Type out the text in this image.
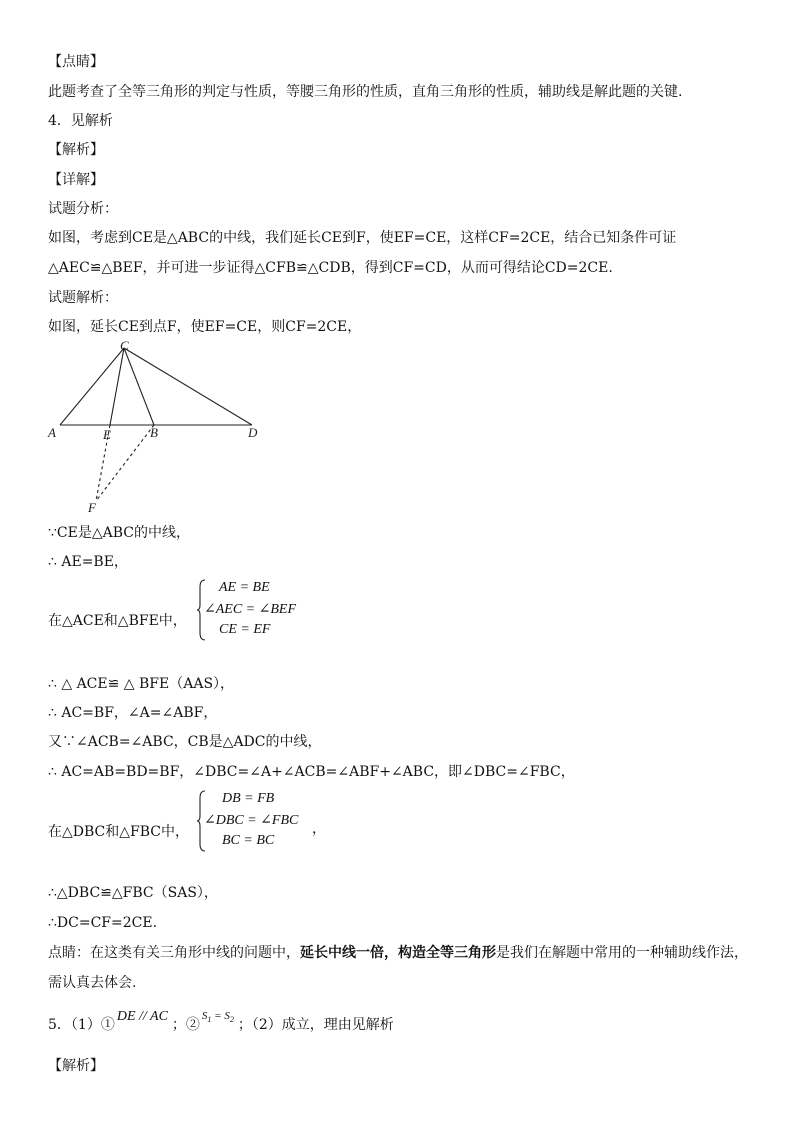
【点睛】
此题考查了全等三角形的判定与性质，等腰三角形的性质，直角三角形的性质，辅助线是解此题的关键.
4．见解析
【解析】
【详解】
试题分析：
如图，考虑到CE是△ABC的中线，我们延长CE到F，使EF=CE，这样CF=2CE，结合已知条件可证
△AEC≌△BEF，并可进一步证得△CFB≌△CDB，得到CF=CD，从而可得结论CD=2CE.
试题解析：
如图，延长CE到点F，使EF=CE，则CF=2CE，
C
A	E	B	D
F
∵CE是△ABC的中线，
∴ AE=BE，
在△ACE和△BFE中，
AE = BE
∠AEC = ∠BEF
CE = EF
∴ △ ACE≌ △ BFE（AAS），
∴ AC=BF，∠A=∠ABF，
又∵∠ACB=∠ABC，CB是△ADC的中线，
∴ AC=AB=BD=BF，∠DBC=∠A+∠ACB=∠ABF+∠ABC，即∠DBC=∠FBC，
在△DBC和△FBC中，
DB = FB
∠DBC = ∠FBC
BC = BC
，
∴△DBC≌△FBC（SAS），
∴DC=CF=2CE.
点睛：在这类有关三角形中线的问题中，延长中线一倍，构造全等三角形是我们在解题中常用的一种辅助线作法，
需认真去体会.
5．（1）①DE // AC；②$^{S_1 = S_2}$ ；（2）成立，理由见解析
【解析】
